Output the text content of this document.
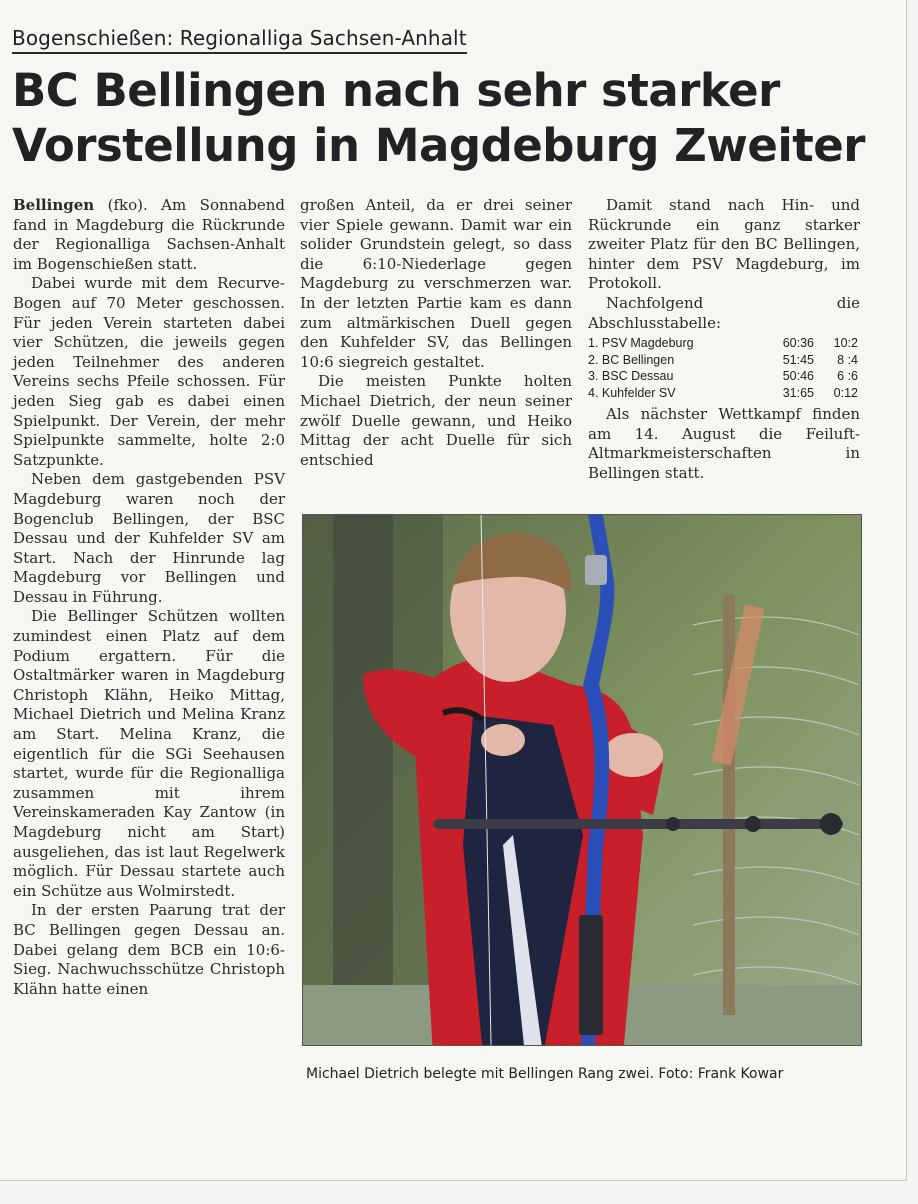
Bogenschießen: Regionalliga Sachsen-Anhalt
BC Bellingen nach sehr starker
Vorstellung in Magdeburg Zweiter

Bellingen (fko). Am Sonnabend fand in Magdeburg die Rückrunde der Regionalliga Sachsen-Anhalt im Bogenschießen statt.

Dabei wurde mit dem Recurve-Bogen auf 70 Meter geschossen. Für jeden Verein starteten dabei vier Schützen, die jeweils gegen jeden Teilnehmer des anderen Vereins sechs Pfeile schossen. Für jeden Sieg gab es dabei einen Spielpunkt. Der Verein, der mehr Spielpunkte sammelte, holte 2:0 Satzpunkte.

Neben dem gastgebenden PSV Magdeburg waren noch der Bogenclub Bellingen, der BSC Dessau und der Kuhfelder SV am Start. Nach der Hinrunde lag Magdeburg vor Bellingen und Dessau in Führung.

Die Bellinger Schützen wollten zumindest einen Platz auf dem Podium ergattern. Für die Ostaltmärker waren in Magdeburg Christoph Klähn, Heiko Mittag, Michael Dietrich und Melina Kranz am Start. Melina Kranz, die eigentlich für die SGi Seehausen startet, wurde für die Regionalliga zusammen mit ihrem Vereinskameraden Kay Zantow (in Magdeburg nicht am Start) ausgeliehen, das ist laut Regelwerk möglich. Für Dessau startete auch ein Schütze aus Wolmirstedt.

In der ersten Paarung trat der BC Bellingen gegen Dessau an. Dabei gelang dem BCB ein 10:6-Sieg. Nachwuchsschütze Christoph Klähn hatte einen

großen Anteil, da er drei seiner vier Spiele gewann. Damit war ein solider Grundstein gelegt, so dass die 6:10-Niederlage gegen Magdeburg zu verschmerzen war. In der letzten Partie kam es dann zum altmärkischen Duell gegen den Kuhfelder SV, das Bellingen 10:6 siegreich gestaltet.

Die meisten Punkte holten Michael Dietrich, der neun seiner zwölf Duelle gewann, und Heiko Mittag der acht Duelle für sich entschied

Damit stand nach Hin- und Rückrunde ein ganz starker zweiter Platz für den BC Bellingen, hinter dem PSV Magdeburg, im Protokoll.

Nachfolgend die Abschlusstabelle:

1. PSV Magdeburg	60:36	10:2
2. BC Bellingen	51:45	8 :4
3. BSC Dessau	50:46	6 :6
4. Kuhfelder SV	31:65	0:12

Als nächster Wettkampf finden am 14. August die Feiluft-Altmarkmeisterschaften in Bellingen statt.

Michael Dietrich belegte mit Bellingen Rang zwei. Foto: Frank Kowar
